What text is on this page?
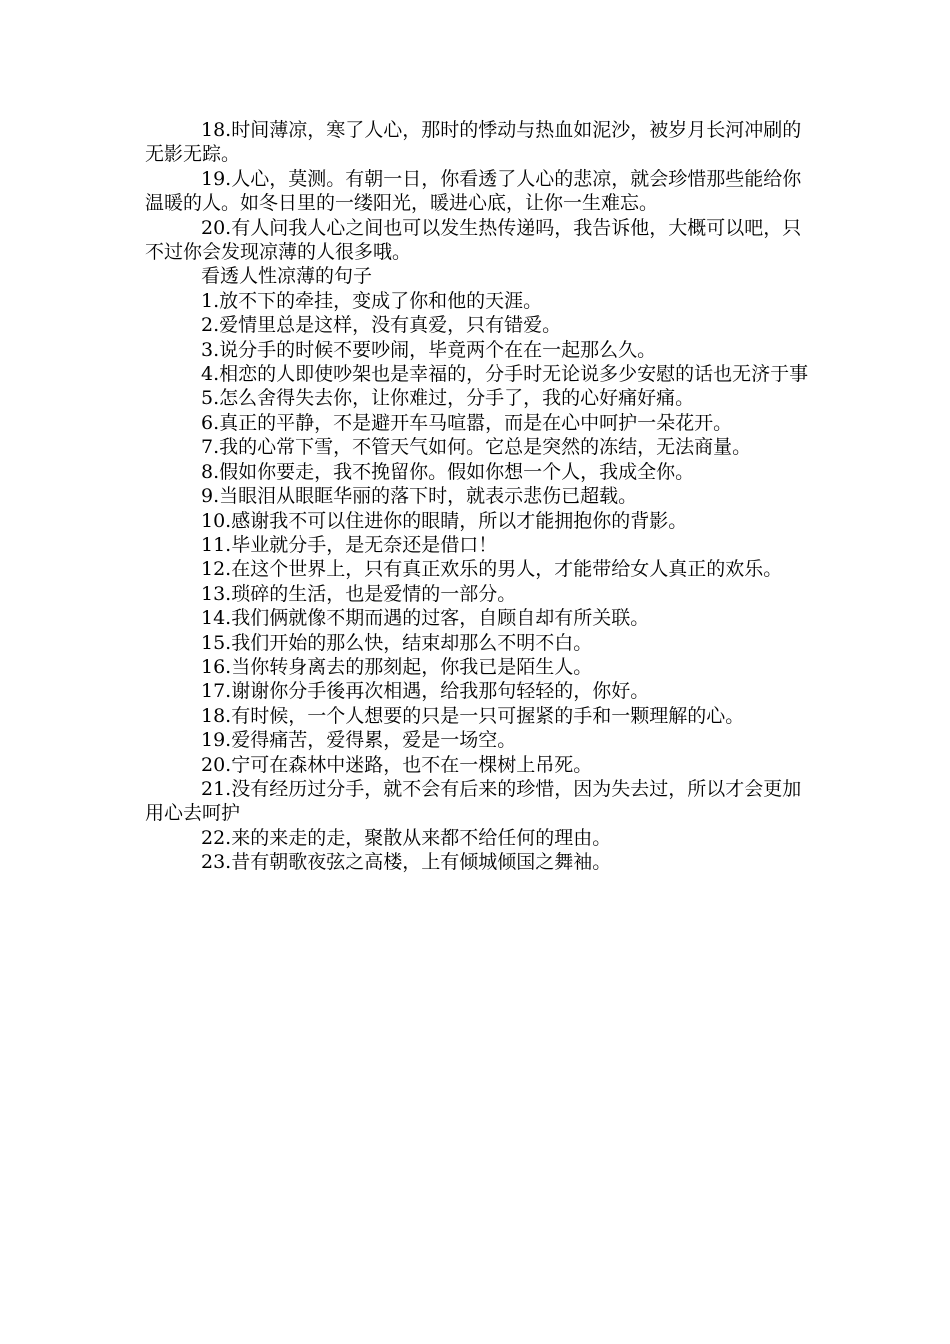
18.时间薄凉，寒了人心，那时的悸动与热血如泥沙，被岁月长河冲刷的无影无踪。

19.人心，莫测。有朝一日，你看透了人心的悲凉，就会珍惜那些能给你温暖的人。如冬日里的一缕阳光，暖进心底，让你一生难忘。

20.有人问我人心之间也可以发生热传递吗，我告诉他，大概可以吧，只不过你会发现凉薄的人很多哦。

看透人性凉薄的句子

1.放不下的牵挂，变成了你和他的天涯。

2.爱情里总是这样，没有真爱，只有错爱。

3.说分手的时候不要吵闹，毕竟两个在在一起那么久。

4.相恋的人即使吵架也是幸福的，分手时无论说多少安慰的话也无济于事

5.怎么舍得失去你，让你难过，分手了，我的心好痛好痛。

6.真正的平静，不是避开车马喧嚣，而是在心中呵护一朵花开。

7.我的心常下雪，不管天气如何。它总是突然的冻结，无法商量。

8.假如你要走，我不挽留你。假如你想一个人，我成全你。

9.当眼泪从眼眶华丽的落下时，就表示悲伤已超载。

10.感谢我不可以住进你的眼睛，所以才能拥抱你的背影。

11.毕业就分手，是无奈还是借口！

12.在这个世界上，只有真正欢乐的男人，才能带给女人真正的欢乐。

13.琐碎的生活，也是爱情的一部分。

14.我们俩就像不期而遇的过客，自顾自却有所关联。

15.我们开始的那么快，结束却那么不明不白。

16.当你转身离去的那刻起，你我已是陌生人。

17.谢谢你分手後再次相遇，给我那句轻轻的，你好。

18.有时候，一个人想要的只是一只可握紧的手和一颗理解的心。

19.爱得痛苦，爱得累，爱是一场空。

20.宁可在森林中迷路，也不在一棵树上吊死。

21.没有经历过分手，就不会有后来的珍惜，因为失去过，所以才会更加用心去呵护

22.来的来走的走，聚散从来都不给任何的理由。

23.昔有朝歌夜弦之高楼，上有倾城倾国之舞袖。
